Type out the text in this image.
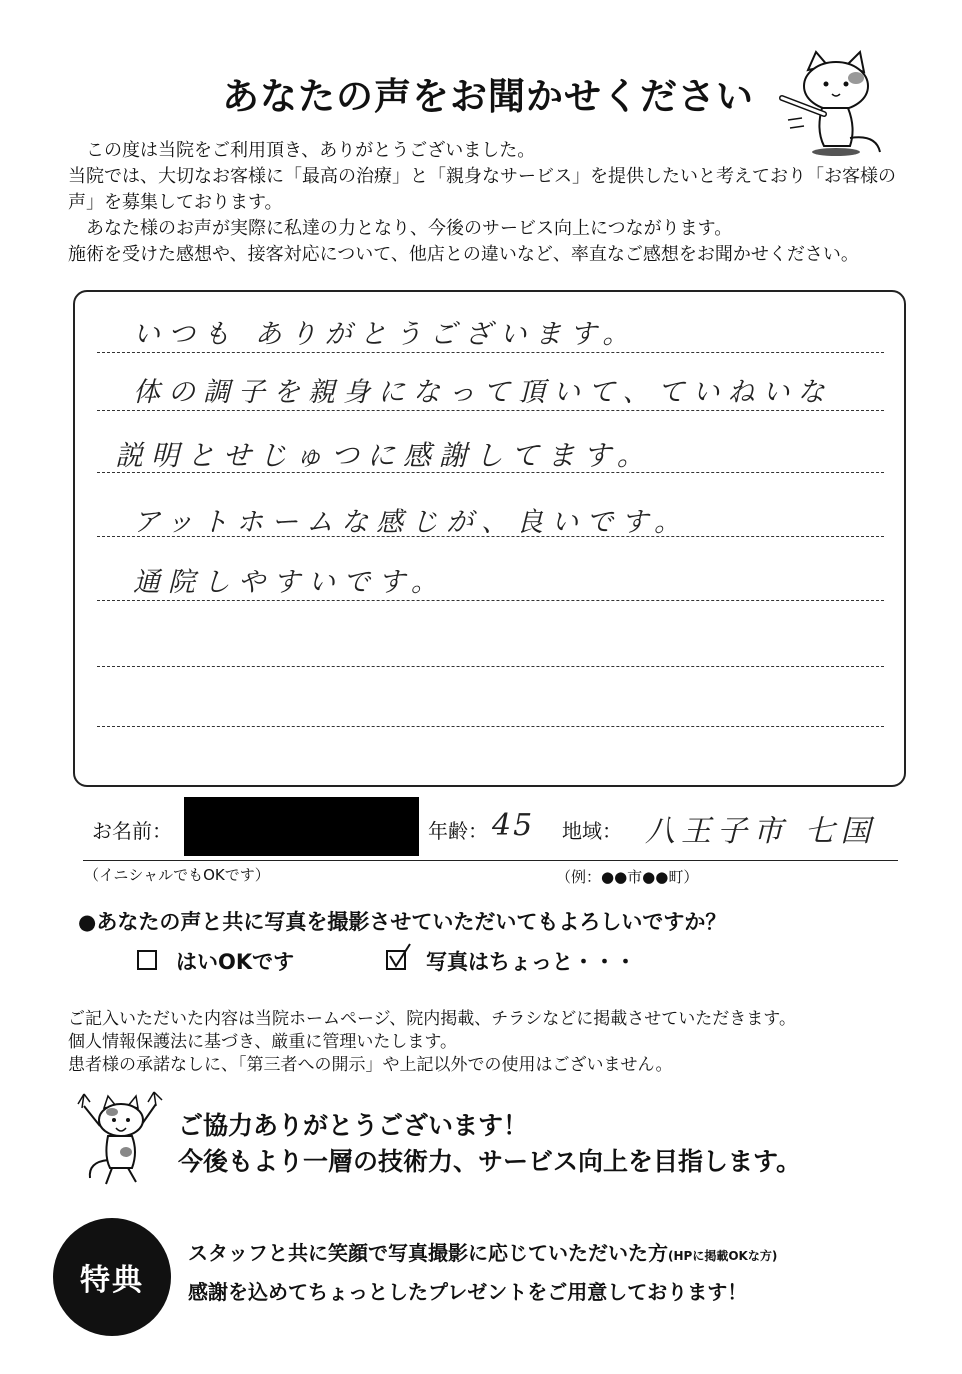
あなたの声をお聞かせください

この度は当院をご利用頂き、ありがとうございました。

当院では、大切なお客様に「最高の治療」と「親身なサービス」を提供したいと考えており「お客様の声」を募集しております。

あなた様のお声が実際に私達の力となり、今後のサービス向上につながります。

施術を受けた感想や、接客対応について、他店との違いなど、率直なご感想をお聞かせください。

いつも ありがとうございます。
体の調子を親身になって頂いて、ていねいな
説明とせじゅつに感謝してます。
アットホームな感じが、良いです。
通院しやすいです。
お名前：	年齢： 45 地域： 八王子市 七国
（イニシャルでもOKです）	（例：●●市●●町）
●あなたの声と共に写真を撮影させていただいてもよろしいですか？
はいOKです	写真はちょっと・・・

ご記入いただいた内容は当院ホームページ、院内掲載、チラシなどに掲載させていただきます。

個人情報保護法に基づき、厳重に管理いたします。

患者様の承諾なしに、「第三者への開示」や上記以外での使用はございません。

ご協力ありがとうございます！

今後もより一層の技術力、サービス向上を目指します。

特典

スタッフと共に笑顔で写真撮影に応じていただいた方(HPに掲載OKな方)

感謝を込めてちょっとしたプレゼントをご用意しております！
